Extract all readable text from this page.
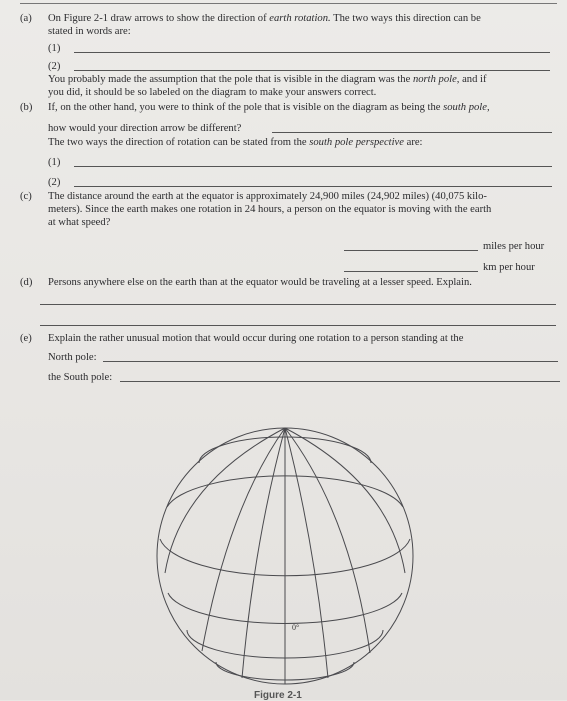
(a) On Figure 2-1 draw arrows to show the direction of earth rotation. The two ways this direction can be
stated in words are:
(1)
(2)
You probably made the assumption that the pole that is visible in the diagram was the north pole, and if
you did, it should be so labeled on the diagram to make your answers correct.
(b) If, on the other hand, you were to think of the pole that is visible on the diagram as being the south pole,
how would your direction arrow be different?
The two ways the direction of rotation can be stated from the south pole perspective are:
(1)
(2)
(c) The distance around the earth at the equator is approximately 24,900 miles (24,902 miles) (40,075 kilo-
meters). Since the earth makes one rotation in 24 hours, a person on the equator is moving with the earth
at what speed?
miles per hour
km per hour
(d) Persons anywhere else on the earth than at the equator would be traveling at a lesser speed. Explain.
(e) Explain the rather unusual motion that would occur during one rotation to a person standing at the
North pole:
the South pole:
0°
Figure 2-1
